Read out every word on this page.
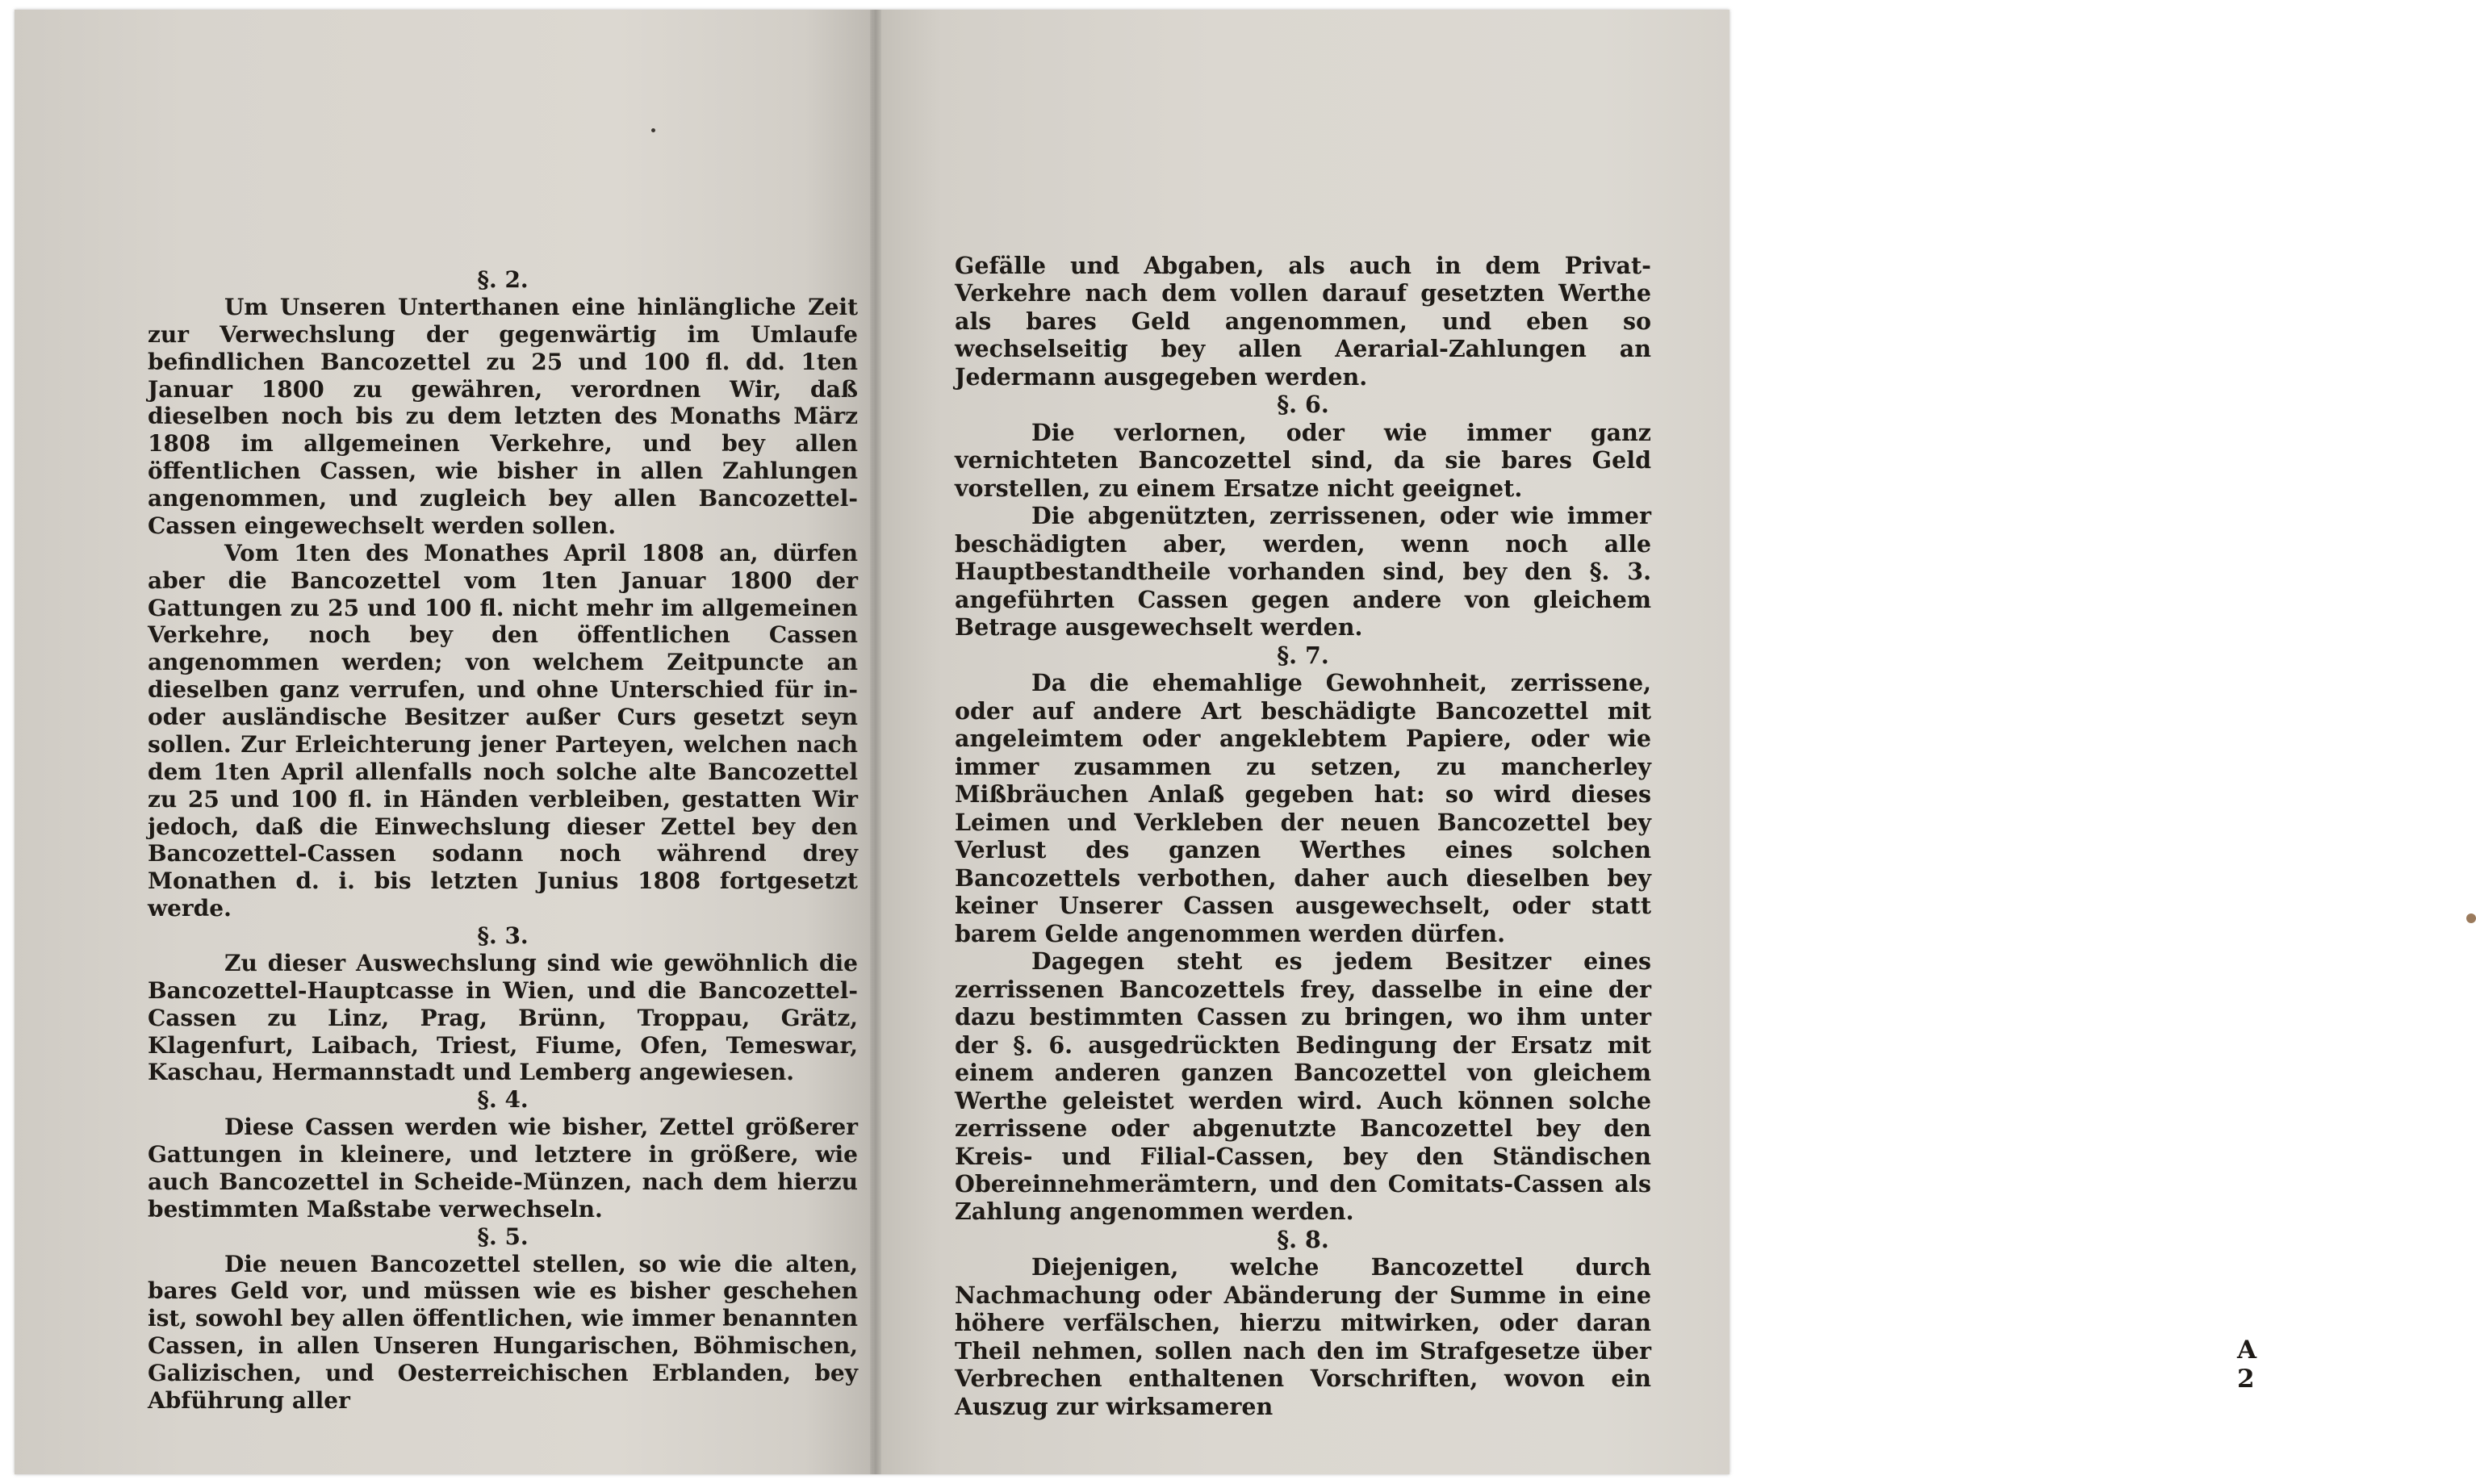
§. 2.

Um Unseren Unterthanen eine hinlängliche Zeit zur Verwechslung der gegenwärtig im Umlaufe befindlichen Bancozettel zu 25 und 100 fl. dd. 1ten Januar 1800 zu gewähren, verordnen Wir, daß dieselben noch bis zu dem letzten des Monaths März 1808 im allgemeinen Verkehre, und bey allen öffentlichen Cassen, wie bisher in allen Zahlungen angenommen, und zugleich bey allen Bancozettel-Cassen eingewechselt werden sollen.

Vom 1ten des Monathes April 1808 an, dürfen aber die Bancozettel vom 1ten Januar 1800 der Gattungen zu 25 und 100 fl. nicht mehr im allgemeinen Verkehre, noch bey den öffentlichen Cassen angenommen werden; von welchem Zeitpuncte an dieselben ganz verrufen, und ohne Unterschied für in- oder ausländische Besitzer außer Curs gesetzt seyn sollen. Zur Erleichterung jener Parteyen, welchen nach dem 1ten April allenfalls noch solche alte Bancozettel zu 25 und 100 fl. in Händen verbleiben, gestatten Wir jedoch, daß die Einwechslung dieser Zettel bey den Bancozettel-Cassen sodann noch während drey Monathen d. i. bis letzten Junius 1808 fortgesetzt werde.

§. 3.

Zu dieser Auswechslung sind wie gewöhnlich die Bancozettel-Hauptcasse in Wien, und die Bancozettel-Cassen zu Linz, Prag, Brünn, Troppau, Grätz, Klagenfurt, Laibach, Triest, Fiume, Ofen, Temeswar, Kaschau, Hermannstadt und Lemberg angewiesen.

§. 4.

Diese Cassen werden wie bisher, Zettel größerer Gattungen in kleinere, und letztere in größere, wie auch Bancozettel in Scheide-Münzen, nach dem hierzu bestimmten Maßstabe verwechseln.

§. 5.

Die neuen Bancozettel stellen, so wie die alten, bares Geld vor, und müssen wie es bisher geschehen ist, sowohl bey allen öffentlichen, wie immer benannten Cassen, in allen Unseren Hungarischen, Böhmischen, Galizischen, und Oesterreichischen Erblanden, bey Abführung aller

Gefälle und Abgaben, als auch in dem Privat-Verkehre nach dem vollen darauf gesetzten Werthe als bares Geld angenommen, und eben so wechselseitig bey allen Aerarial-Zahlungen an Jedermann ausgegeben werden.

§. 6.

Die verlornen, oder wie immer ganz vernichteten Bancozettel sind, da sie bares Geld vorstellen, zu einem Ersatze nicht geeignet.

Die abgenützten, zerrissenen, oder wie immer beschädigten aber, werden, wenn noch alle Hauptbestandtheile vorhanden sind, bey den §. 3. angeführten Cassen gegen andere von gleichem Betrage ausgewechselt werden.

§. 7.

Da die ehemahlige Gewohnheit, zerrissene, oder auf andere Art beschädigte Bancozettel mit angeleimtem oder angeklebtem Papiere, oder wie immer zusammen zu setzen, zu mancherley Mißbräuchen Anlaß gegeben hat: so wird dieses Leimen und Verkleben der neuen Bancozettel bey Verlust des ganzen Werthes eines solchen Bancozettels verbothen, daher auch dieselben bey keiner Unserer Cassen ausgewechselt, oder statt barem Gelde angenommen werden dürfen.

Dagegen steht es jedem Besitzer eines zerrissenen Bancozettels frey, dasselbe in eine der dazu bestimmten Cassen zu bringen, wo ihm unter der §. 6. ausgedrückten Bedingung der Ersatz mit einem anderen ganzen Bancozettel von gleichem Werthe geleistet werden wird. Auch können solche zerrissene oder abgenutzte Bancozettel bey den Kreis- und Filial-Cassen, bey den Ständischen Obereinnehmerämtern, und den Comitats-Cassen als Zahlung angenommen werden.

§. 8.

Diejenigen, welche Bancozettel durch Nachmachung oder Abänderung der Summe in eine höhere verfälschen, hierzu mitwirken, oder daran Theil nehmen, sollen nach den im Strafgesetze über Verbrechen enthaltenen Vorschriften, wovon ein Auszug zur wirksameren

A 2
